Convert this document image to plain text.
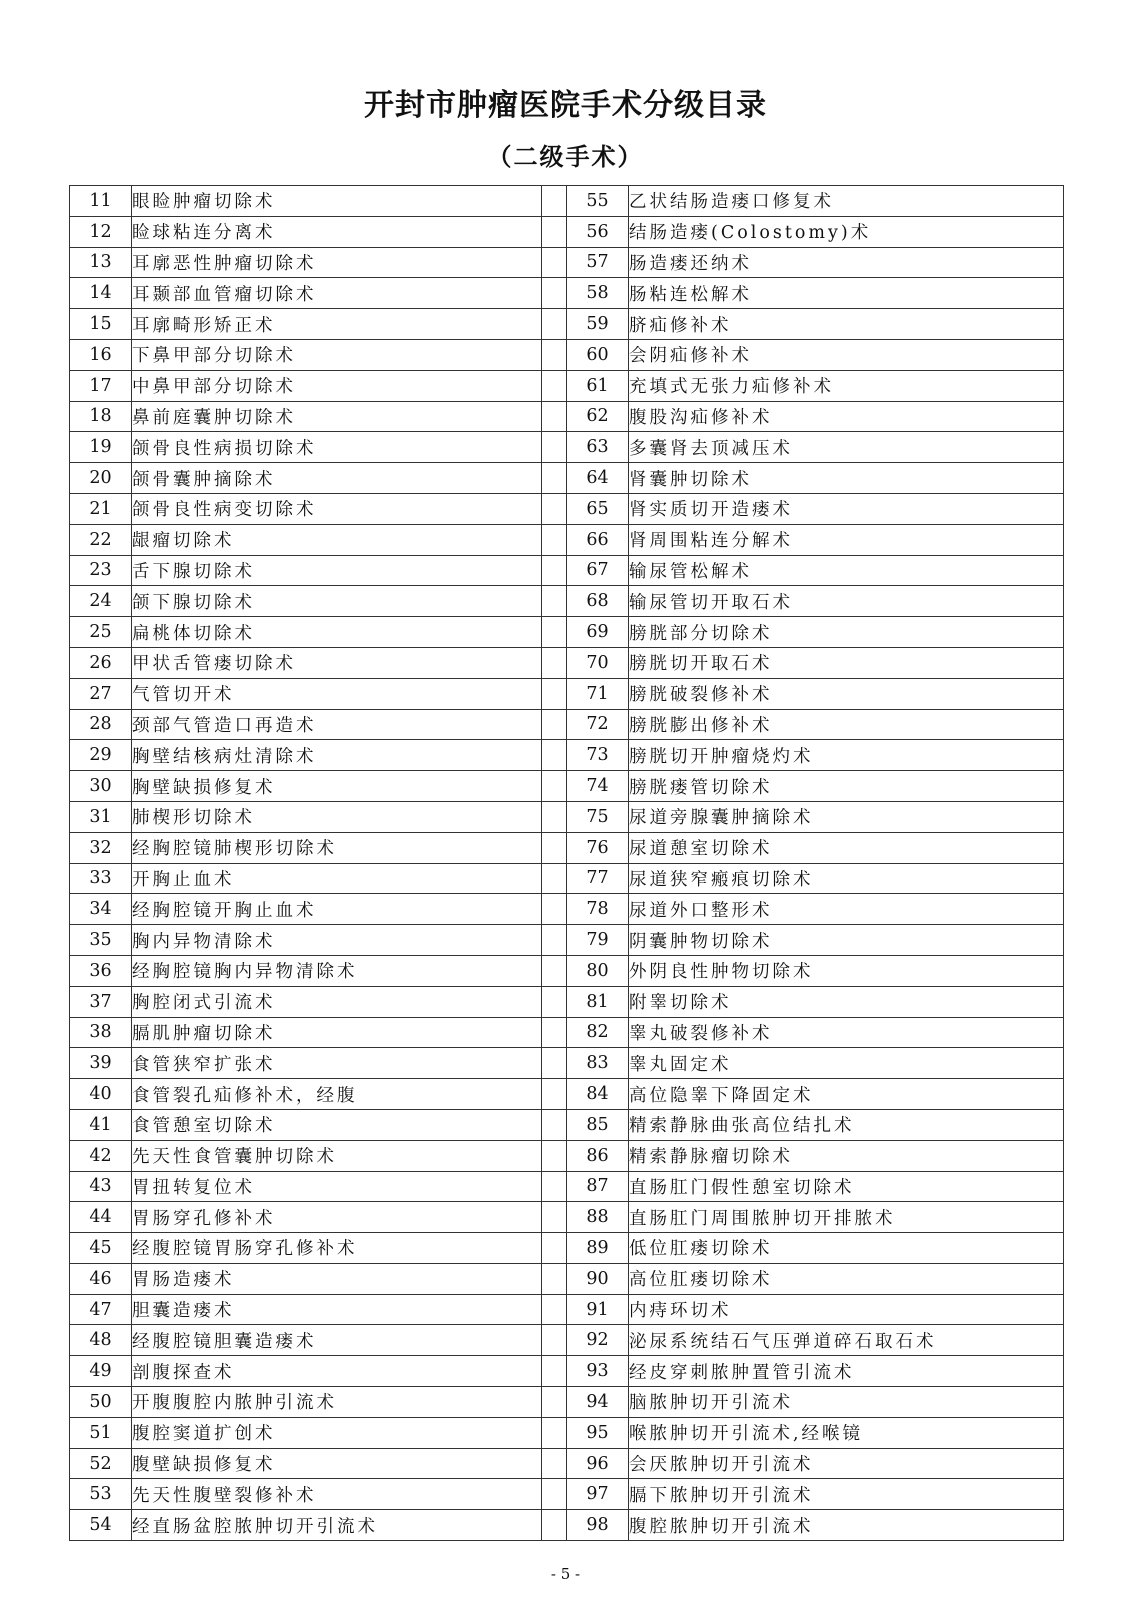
开封市肿瘤医院手术分级目录
（二级手术）
11	眼睑肿瘤切除术		55	乙状结肠造瘘口修复术
12	睑球粘连分离术		56	结肠造瘘(Colostomy)术
13	耳廓恶性肿瘤切除术		57	肠造瘘还纳术
14	耳颞部血管瘤切除术		58	肠粘连松解术
15	耳廓畸形矫正术		59	脐疝修补术
16	下鼻甲部分切除术		60	会阴疝修补术
17	中鼻甲部分切除术		61	充填式无张力疝修补术
18	鼻前庭囊肿切除术		62	腹股沟疝修补术
19	颌骨良性病损切除术		63	多囊肾去顶减压术
20	颌骨囊肿摘除术		64	肾囊肿切除术
21	颌骨良性病变切除术		65	肾实质切开造瘘术
22	龈瘤切除术		66	肾周围粘连分解术
23	舌下腺切除术		67	输尿管松解术
24	颌下腺切除术		68	输尿管切开取石术
25	扁桃体切除术		69	膀胱部分切除术
26	甲状舌管瘘切除术		70	膀胱切开取石术
27	气管切开术		71	膀胱破裂修补术
28	颈部气管造口再造术		72	膀胱膨出修补术
29	胸壁结核病灶清除术		73	膀胱切开肿瘤烧灼术
30	胸壁缺损修复术		74	膀胱瘘管切除术
31	肺楔形切除术		75	尿道旁腺囊肿摘除术
32	经胸腔镜肺楔形切除术		76	尿道憩室切除术
33	开胸止血术		77	尿道狭窄瘢痕切除术
34	经胸腔镜开胸止血术		78	尿道外口整形术
35	胸内异物清除术		79	阴囊肿物切除术
36	经胸腔镜胸内异物清除术		80	外阴良性肿物切除术
37	胸腔闭式引流术		81	附睾切除术
38	膈肌肿瘤切除术		82	睾丸破裂修补术
39	食管狭窄扩张术		83	睾丸固定术
40	食管裂孔疝修补术，经腹		84	高位隐睾下降固定术
41	食管憩室切除术		85	精索静脉曲张高位结扎术
42	先天性食管囊肿切除术		86	精索静脉瘤切除术
43	胃扭转复位术		87	直肠肛门假性憩室切除术
44	胃肠穿孔修补术		88	直肠肛门周围脓肿切开排脓术
45	经腹腔镜胃肠穿孔修补术		89	低位肛瘘切除术
46	胃肠造瘘术		90	高位肛瘘切除术
47	胆囊造瘘术		91	内痔环切术
48	经腹腔镜胆囊造瘘术		92	泌尿系统结石气压弹道碎石取石术
49	剖腹探查术		93	经皮穿刺脓肿置管引流术
50	开腹腹腔内脓肿引流术		94	脑脓肿切开引流术
51	腹腔窦道扩创术		95	喉脓肿切开引流术,经喉镜
52	腹壁缺损修复术		96	会厌脓肿切开引流术
53	先天性腹壁裂修补术		97	膈下脓肿切开引流术
54	经直肠盆腔脓肿切开引流术		98	腹腔脓肿切开引流术
- 5 -
